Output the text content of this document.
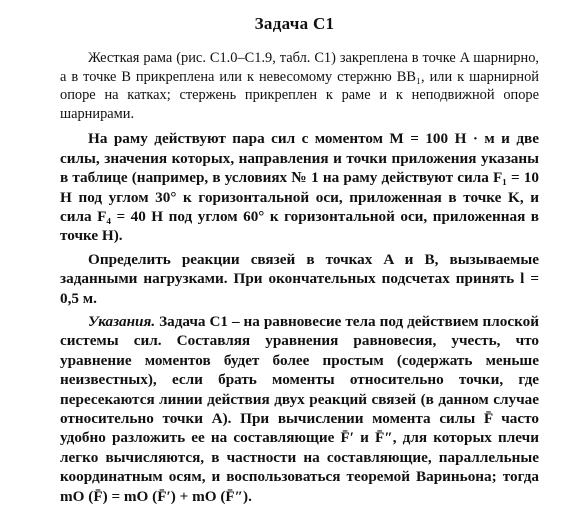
Задача С1

Жесткая рама (рис. С1.0–С1.9, табл. С1) закреплена в точке A шарнирно, а в точке B прикреплена или к невесомому стержню BB₁, или к шарнирной опоре на катках; стержень прикреплен к раме и к неподвижной опоре шарнирами.

На раму действуют пара сил с моментом M = 100 Н · м и две силы, значения которых, направления и точки приложения указаны в таблице (например, в условиях № 1 на раму действуют сила F₁ = 10 Н под углом 30° к горизонтальной оси, приложенная в точке K, и сила F₄ = 40 Н под углом 60° к горизонтальной оси, приложенная в точке H).

Определить реакции связей в точках A и B, вызываемые заданными нагрузками. При окончательных подсчетах принять l = 0,5 м.

Указания. Задача С1 – на равновесие тела под действием плоской системы сил. Составляя уравнения равновесия, учесть, что уравнение моментов будет более простым (содержать меньше неизвестных), если брать моменты относительно точки, где пересекаются линии действия двух реакций связей (в данном случае относительно точки A). При вычислении момента силы F̄ часто удобно разложить ее на составляющие F̄′ и F̄″, для которых плечи легко вычисляются, в частности на составляющие, параллельные координатным осям, и воспользоваться теоремой Вариньона; тогда mO (F̄) = mO (F̄′) + mO (F̄″).
